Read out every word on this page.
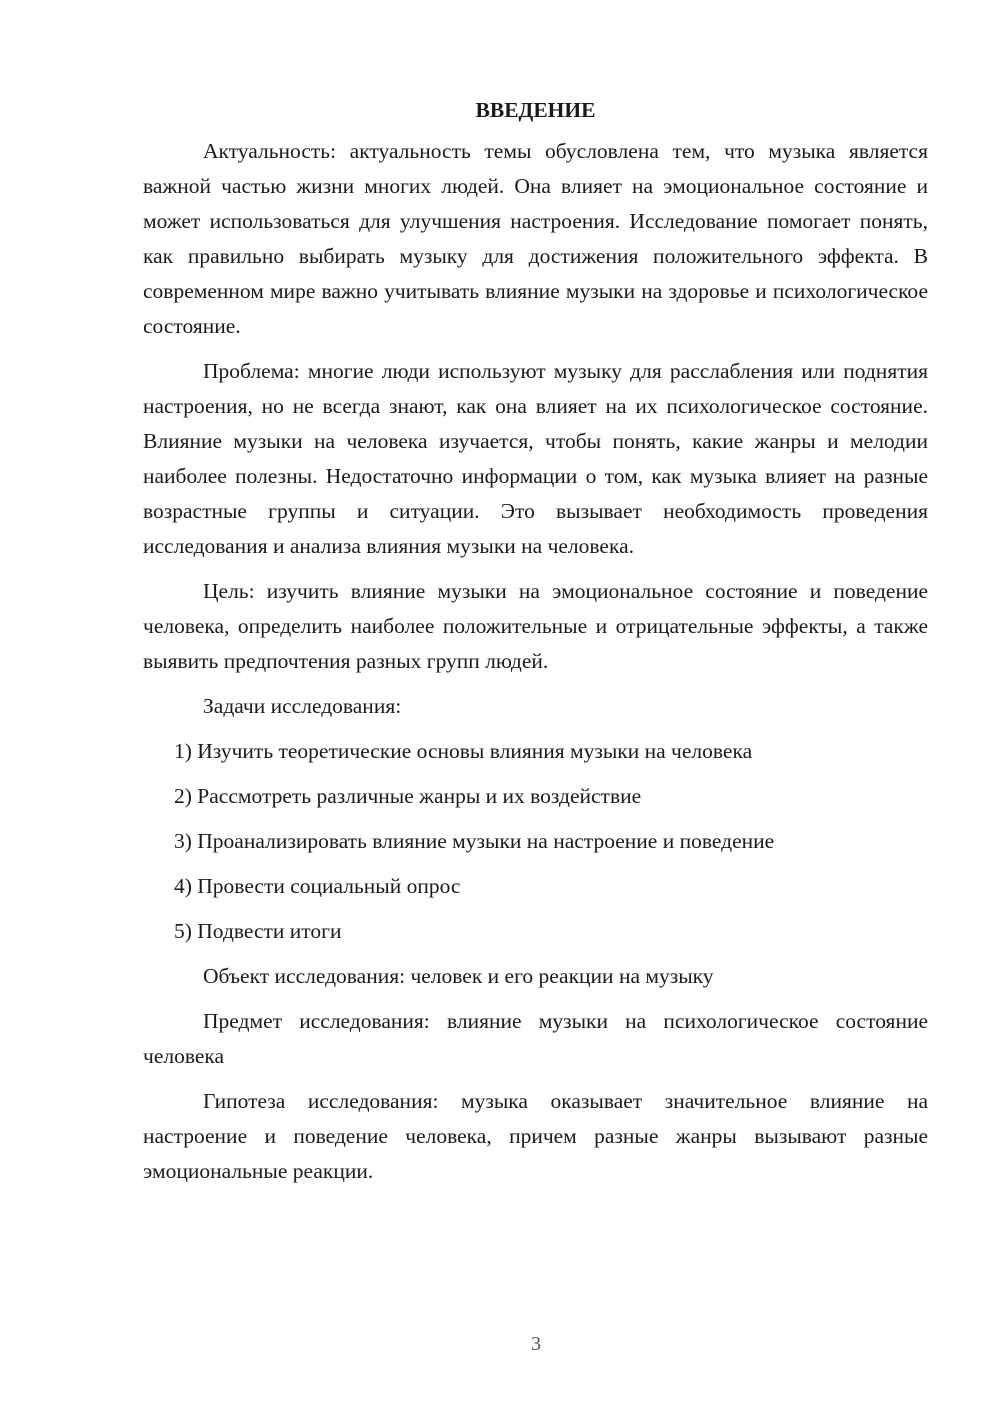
ВВЕДЕНИЕ

Актуальность: актуальность темы обусловлена тем, что музыка является важной частью жизни многих людей. Она влияет на эмоциональное состояние и может использоваться для улучшения настроения. Исследование помогает понять, как правильно выбирать музыку для достижения положительного эффекта. В современном мире важно учитывать влияние музыки на здоровье и психологическое состояние.

Проблема: многие люди используют музыку для расслабления или поднятия настроения, но не всегда знают, как она влияет на их психологическое состояние. Влияние музыки на человека изучается, чтобы понять, какие жанры и мелодии наиболее полезны. Недостаточно информации о том, как музыка влияет на разные возрастные группы и ситуации. Это вызывает необходимость проведения исследования и анализа влияния музыки на человека.

Цель: изучить влияние музыки на эмоциональное состояние и поведение человека, определить наиболее положительные и отрицательные эффекты, а также выявить предпочтения разных групп людей.

Задачи исследования:
1) Изучить теоретические основы влияния музыки на человека
2) Рассмотреть различные жанры и их воздействие
3) Проанализировать влияние музыки на настроение и поведение
4) Провести социальный опрос
5) Подвести итоги
Объект исследования: человек и его реакции на музыку

Предмет исследования: влияние музыки на психологическое состояние человека

Гипотеза исследования: музыка оказывает значительное влияние на настроение и поведение человека, причем разные жанры вызывают разные эмоциональные реакции.

3
